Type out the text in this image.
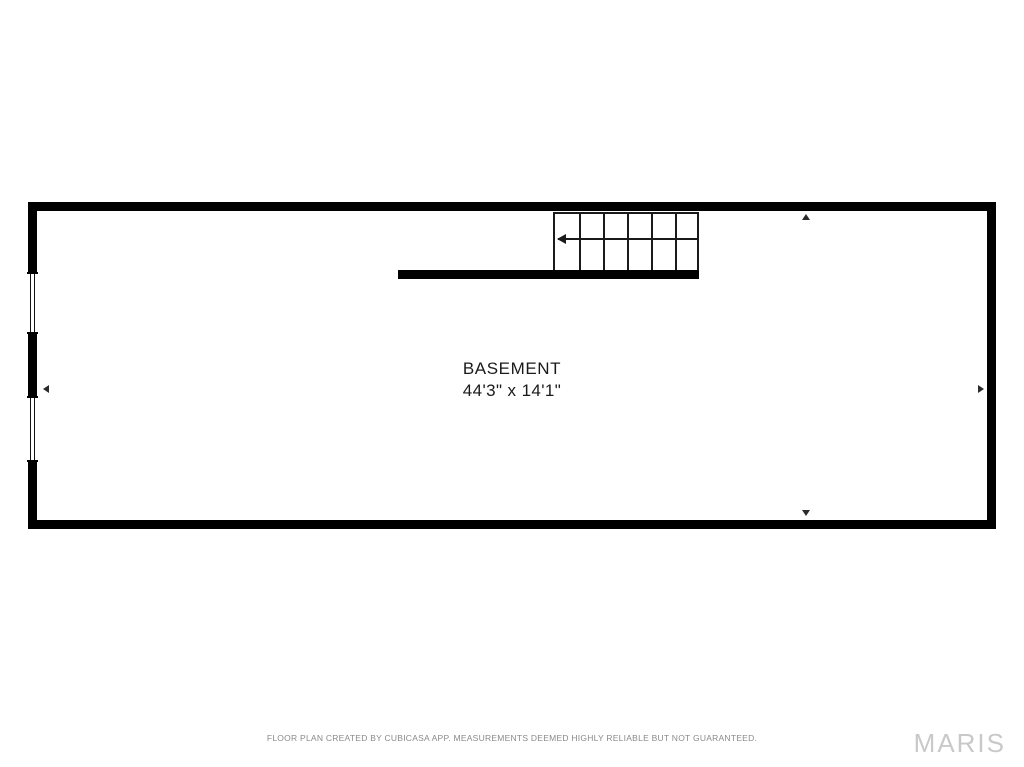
BASEMENT
44'3" x 14'1"
FLOOR PLAN CREATED BY CUBICASA APP. MEASUREMENTS DEEMED HIGHLY RELIABLE BUT NOT GUARANTEED.	MARIS
